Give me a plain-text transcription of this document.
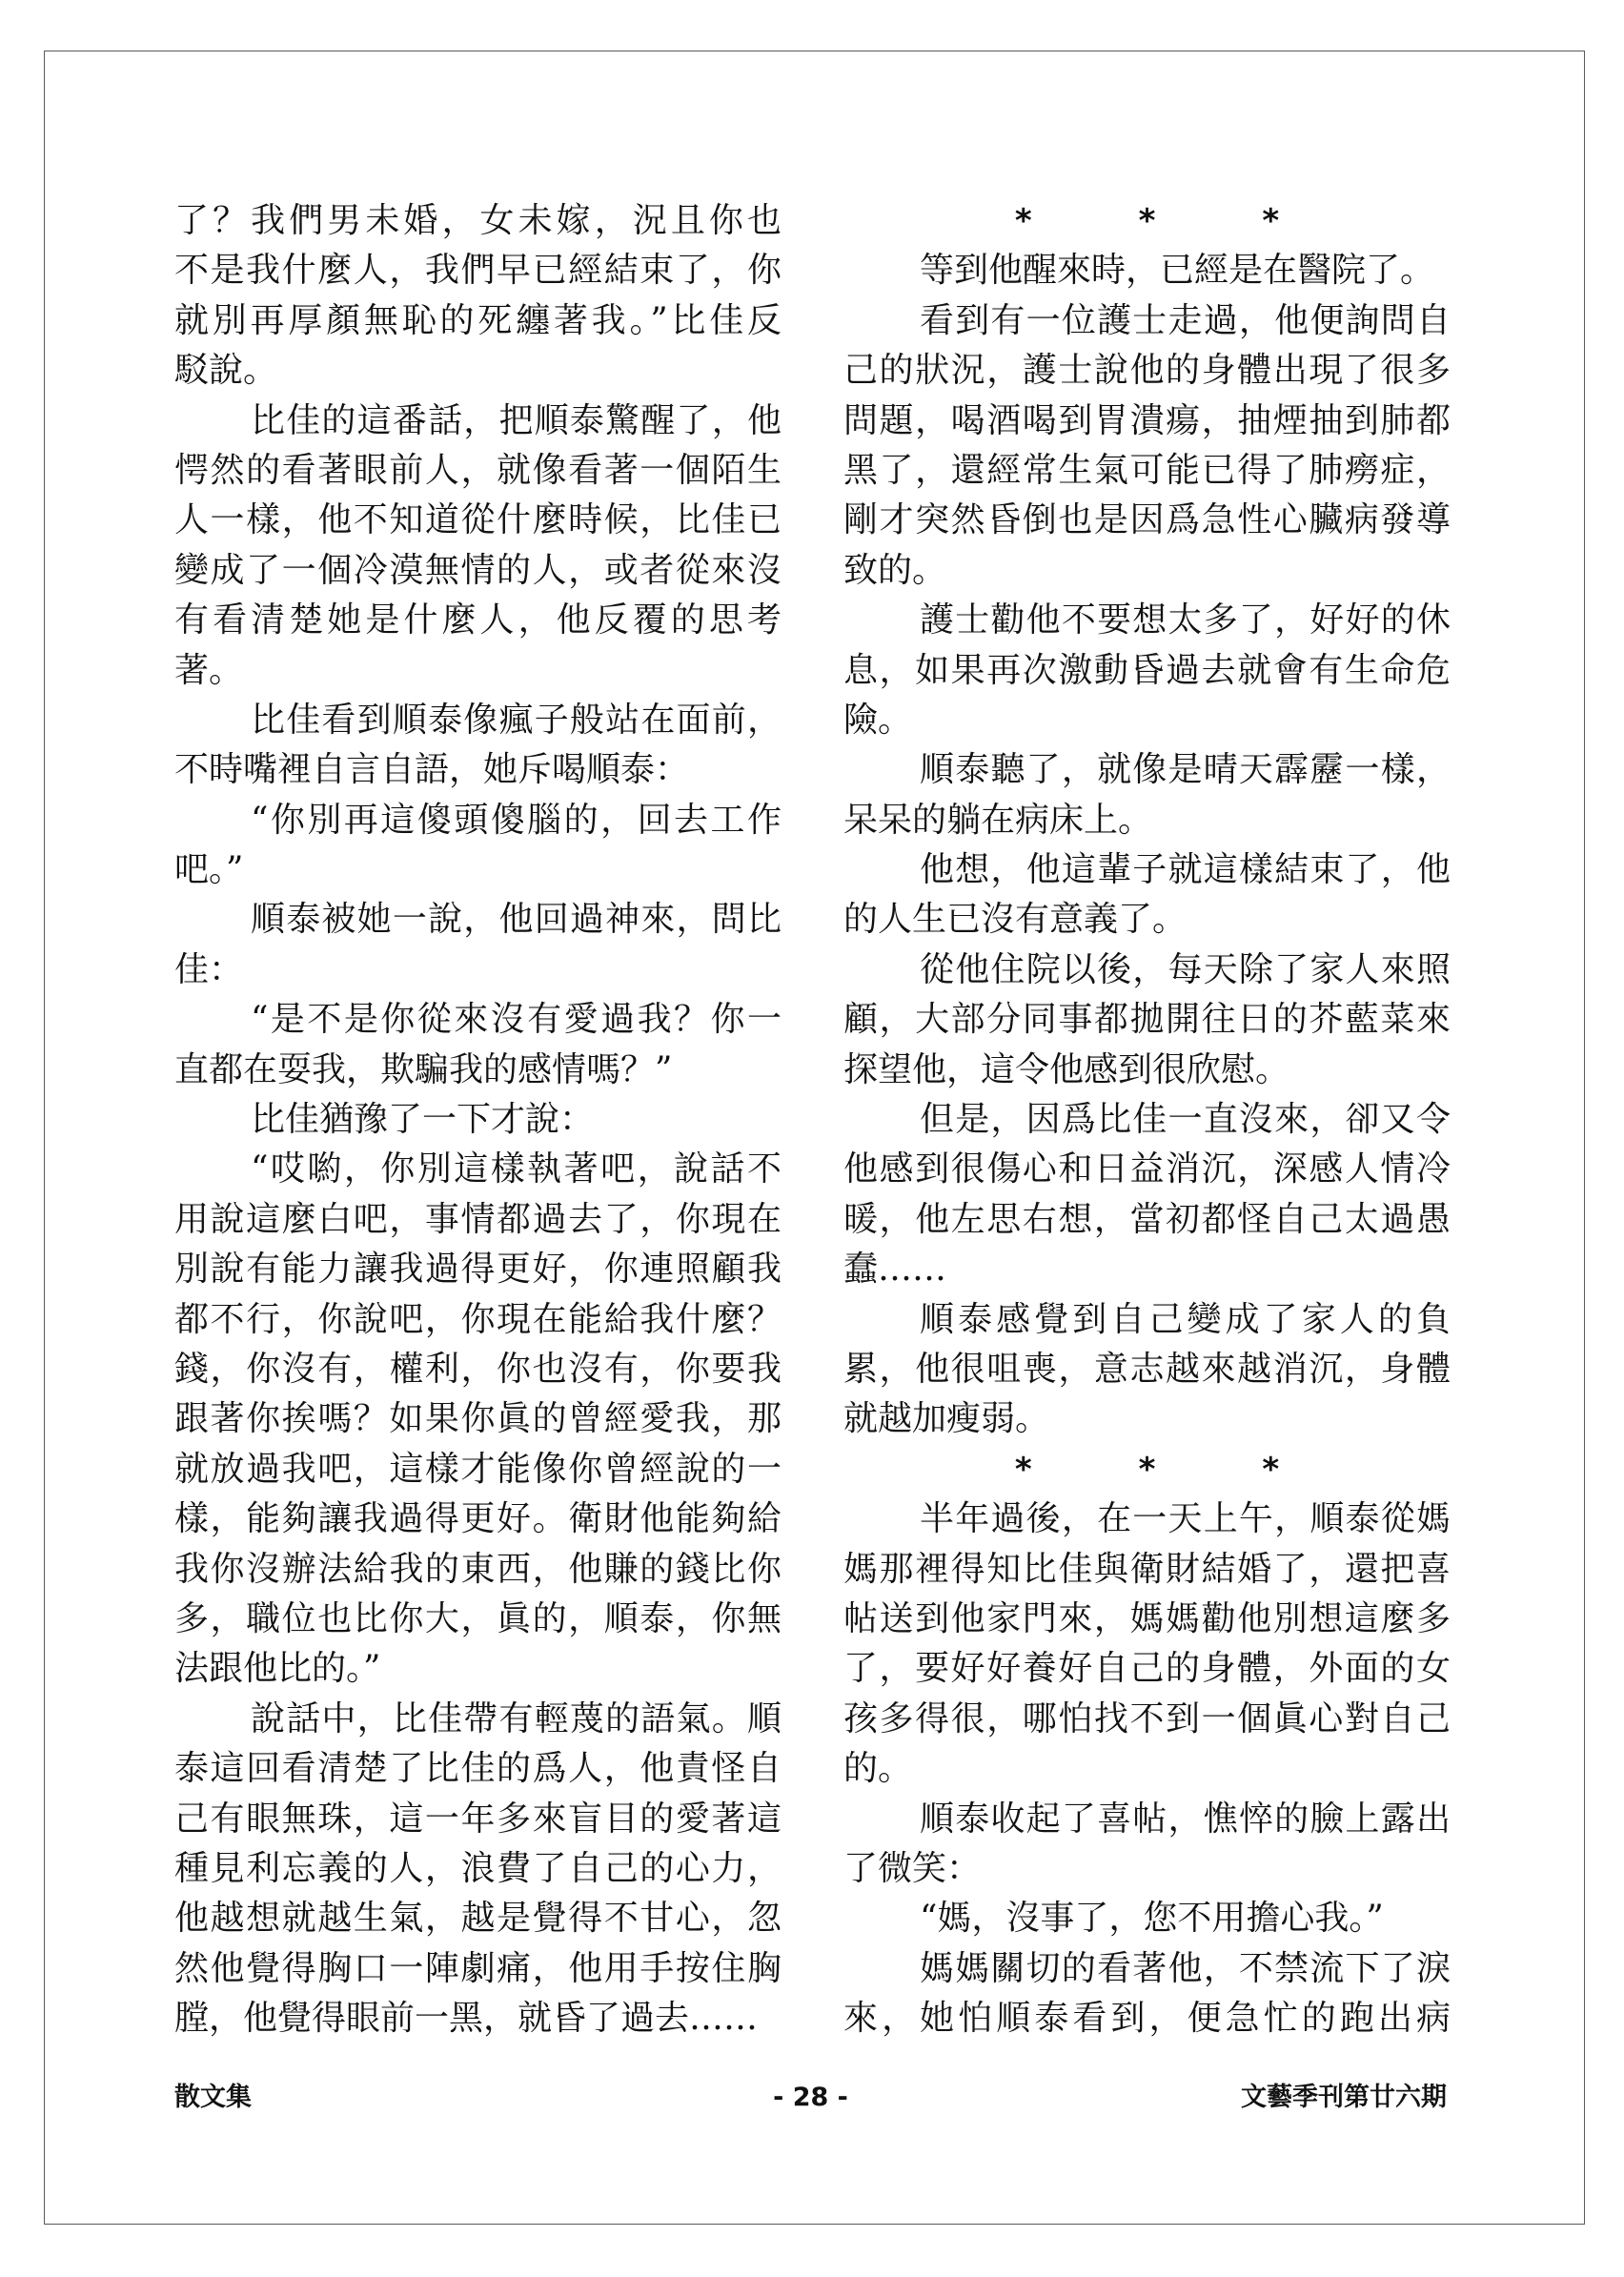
了？我們男未婚，女未嫁，況且你也
不是我什麼人，我們早已經結束了，你
就別再厚顏無恥的死纏著我。”比佳反
駁說。
比佳的這番話，把順泰驚醒了，他
愕然的看著眼前人，就像看著一個陌生
人一樣，他不知道從什麼時候，比佳已
變成了一個冷漠無情的人，或者從來沒
有看清楚她是什麼人，他反覆的思考
著。
比佳看到順泰像瘋子般站在面前，
不時嘴裡自言自語，她斥喝順泰：
“你別再這傻頭傻腦的，回去工作
吧。”
順泰被她一說，他回過神來，問比
佳：
“是不是你從來沒有愛過我？你一
直都在耍我，欺騙我的感情嗎？”
比佳猶豫了一下才說：
“哎喲，你別這樣執著吧，說話不
用說這麼白吧，事情都過去了，你現在
別說有能力讓我過得更好，你連照顧我
都不行，你說吧，你現在能給我什麼？
錢，你沒有，權利，你也沒有，你要我
跟著你挨嗎？如果你眞的曾經愛我，那
就放過我吧，這樣才能像你曾經說的一
樣，能夠讓我過得更好。衛財他能夠給
我你沒辦法給我的東西，他賺的錢比你
多，職位也比你大，眞的，順泰，你無
法跟他比的。”
說話中，比佳帶有輕蔑的語氣。順
泰這回看清楚了比佳的爲人，他責怪自
己有眼無珠，這一年多來盲目的愛著這
種見利忘義的人，浪費了自己的心力，
他越想就越生氣，越是覺得不甘心，忽
然他覺得胸口一陣劇痛，他用手按住胸
膛，他覺得眼前一黑，就昏了過去……
*	*	*
等到他醒來時，已經是在醫院了。
看到有一位護士走過，他便詢問自
己的狀況，護士說他的身體出現了很多
問題，喝酒喝到胃潰瘍，抽煙抽到肺都
黑了，還經常生氣可能已得了肺癆症，
剛才突然昏倒也是因爲急性心臟病發導
致的。
護士勸他不要想太多了，好好的休
息，如果再次激動昏過去就會有生命危
險。
順泰聽了，就像是晴天霹靂一樣，
呆呆的躺在病床上。
他想，他這輩子就這樣結束了，他
的人生已沒有意義了。
從他住院以後，每天除了家人來照
顧，大部分同事都拋開往日的芥藍菜來
探望他，這令他感到很欣慰。
但是，因爲比佳一直沒來，卻又令
他感到很傷心和日益消沉，深感人情冷
暖，他左思右想，當初都怪自己太過愚
蠢……
順泰感覺到自己變成了家人的負
累，他很咀喪，意志越來越消沉，身體
就越加瘦弱。
*	*	*
半年過後，在一天上午，順泰從媽
媽那裡得知比佳與衛財結婚了，還把喜
帖送到他家門來，媽媽勸他別想這麼多
了，要好好養好自己的身體，外面的女
孩多得很，哪怕找不到一個眞心對自己
的。
順泰收起了喜帖，憔悴的臉上露出
了微笑：
“媽，沒事了，您不用擔心我。”
媽媽關切的看著他，不禁流下了淚
來，她怕順泰看到，便急忙的跑出病
散文集	- 28 -	文藝季刊第廿六期
